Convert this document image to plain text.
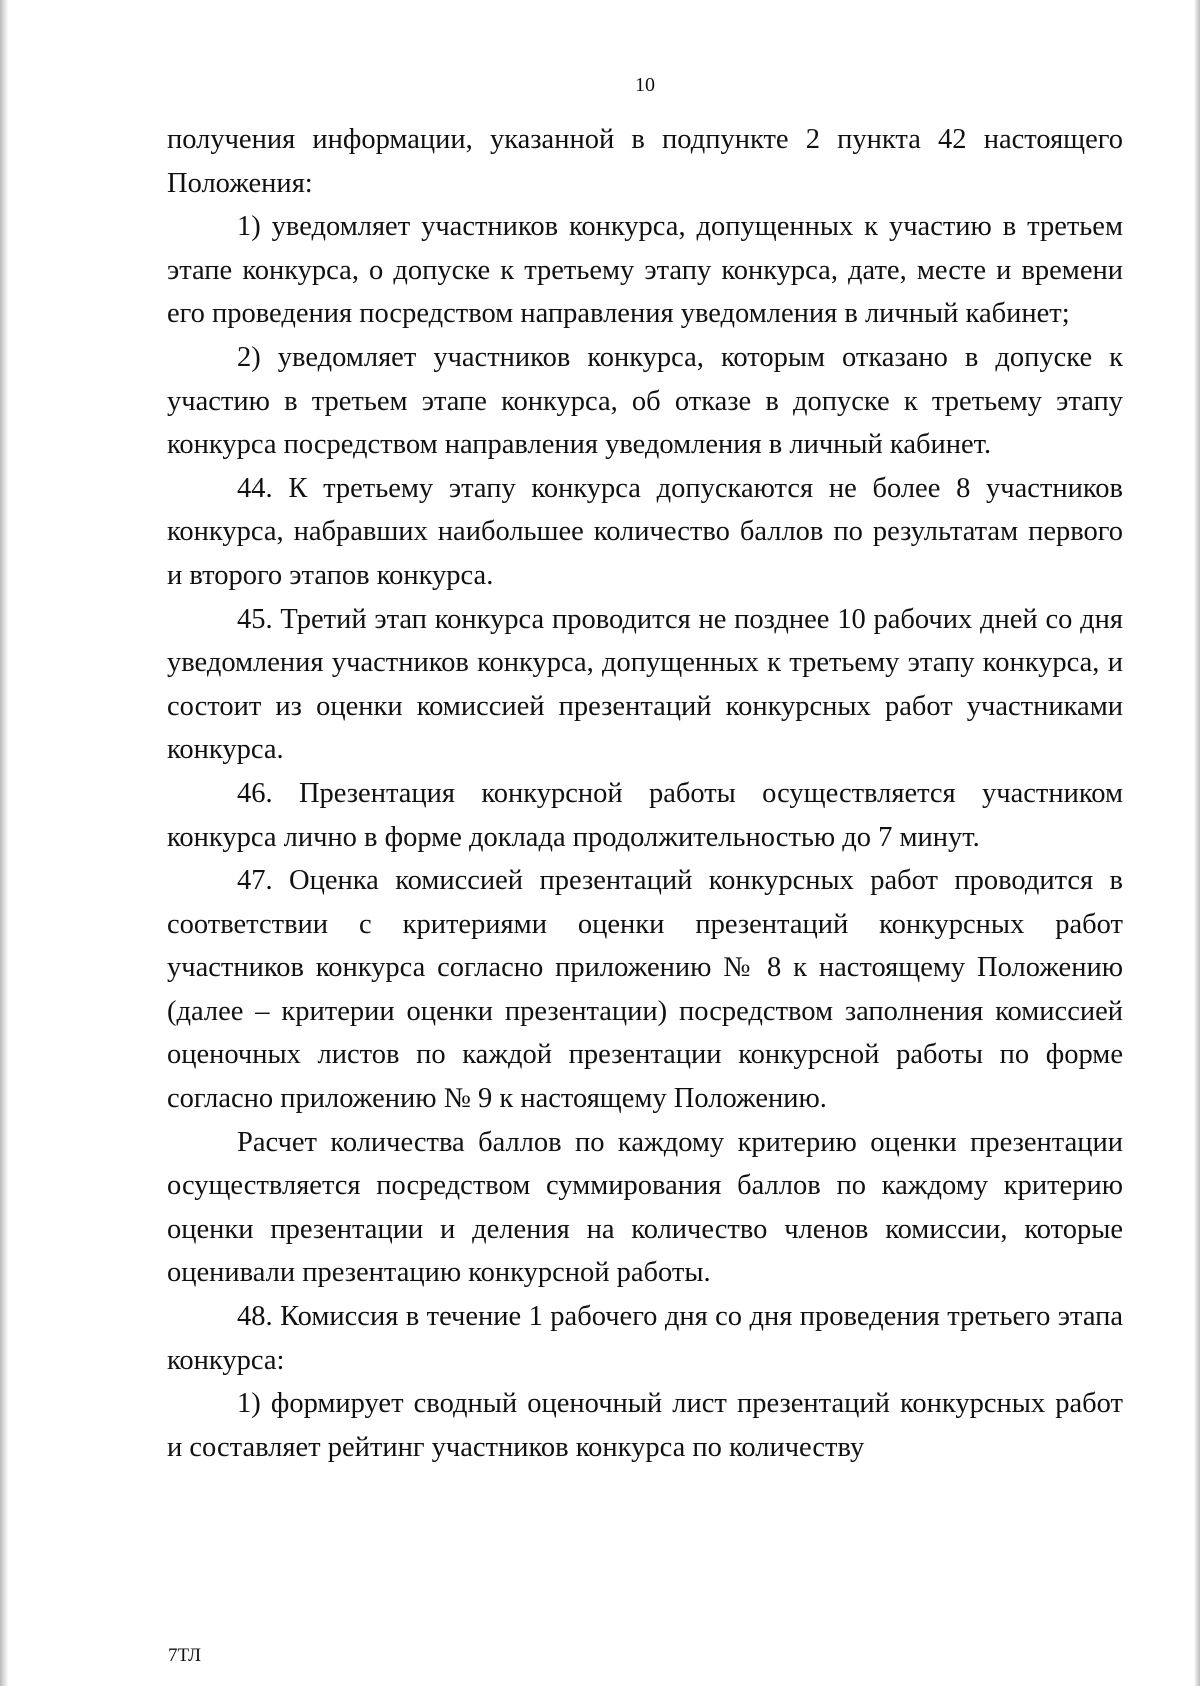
10

получения информации, указанной в подпункте 2 пункта 42 настоящего Положения:

1) уведомляет участников конкурса, допущенных к участию в третьем этапе конкурса, о допуске к третьему этапу конкурса, дате, месте и времени его проведения посредством направления уведомления в личный кабинет;

2) уведомляет участников конкурса, которым отказано в допуске к участию в третьем этапе конкурса, об отказе в допуске к третьему этапу конкурса посредством направления уведомления в личный кабинет.

44. К третьему этапу конкурса допускаются не более 8 участников конкурса, набравших наибольшее количество баллов по результатам первого и второго этапов конкурса.

45. Третий этап конкурса проводится не позднее 10 рабочих дней со дня уведомления участников конкурса, допущенных к третьему этапу конкурса, и состоит из оценки комиссией презентаций конкурсных работ участниками конкурса.

46. Презентация конкурсной работы осуществляется участником конкурса лично в форме доклада продолжительностью до 7 минут.

47. Оценка комиссией презентаций конкурсных работ проводится в соответствии с критериями оценки презентаций конкурсных работ участников конкурса согласно приложению № 8 к настоящему Положению (далее – критерии оценки презентации) посредством заполнения комиссией оценочных листов по каждой презентации конкурсной работы по форме согласно приложению № 9 к настоящему Положению.

Расчет количества баллов по каждому критерию оценки презентации осуществляется посредством суммирования баллов по каждому критерию оценки презентации и деления на количество членов комиссии, которые оценивали презентацию конкурсной работы.

48. Комиссия в течение 1 рабочего дня со дня проведения третьего этапа конкурса:

1) формирует сводный оценочный лист презентаций конкурсных работ и составляет рейтинг участников конкурса по количеству

7ТЛ
